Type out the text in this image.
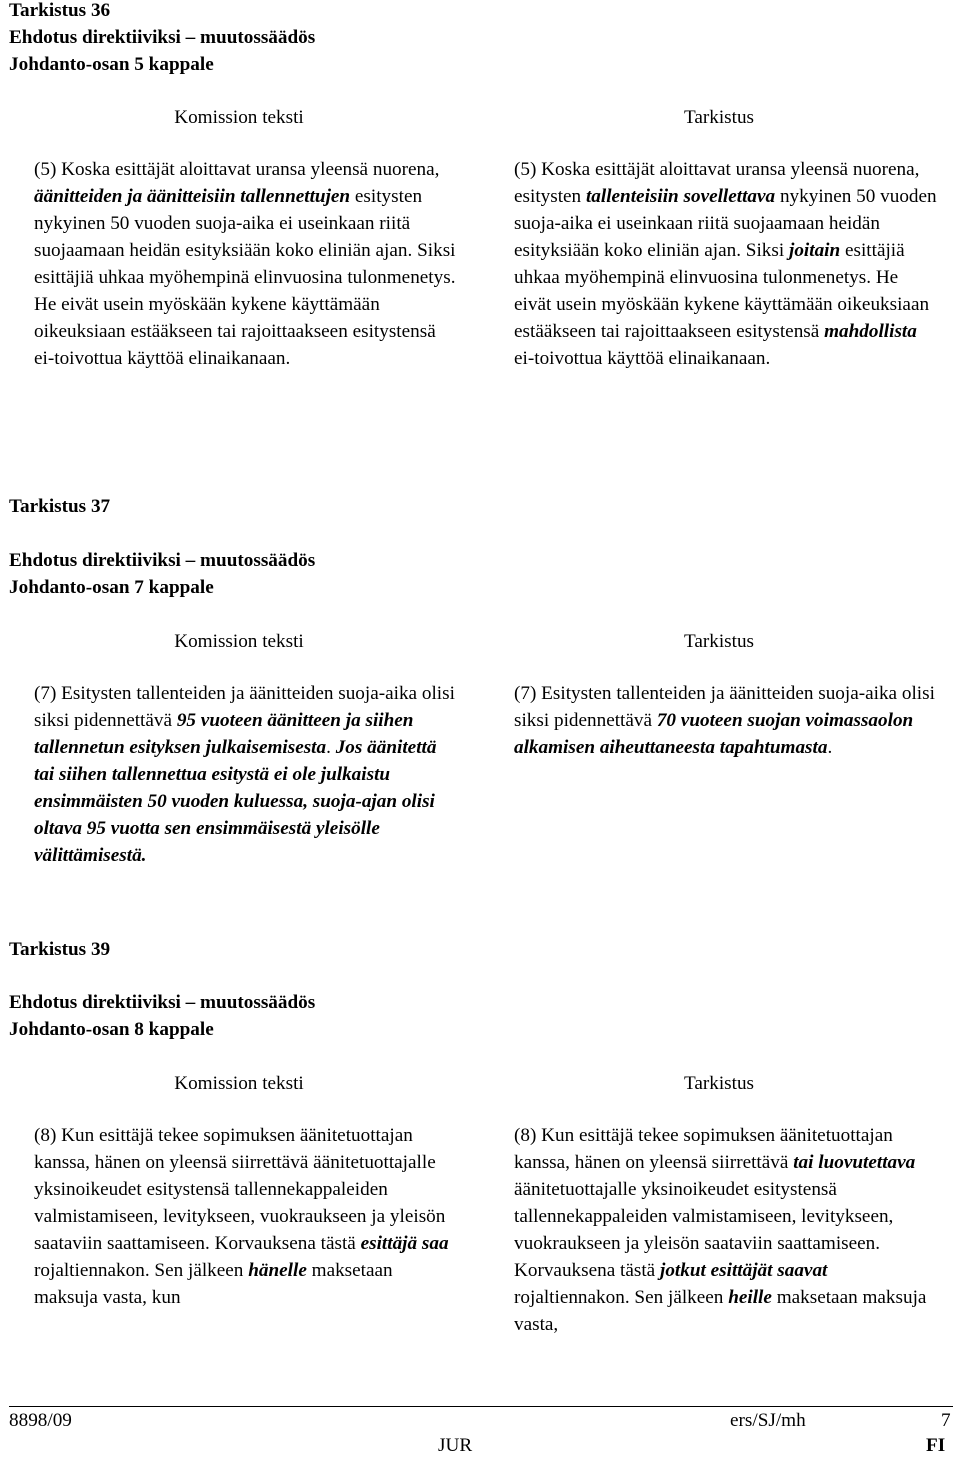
Tarkistus 36
Ehdotus direktiiviksi – muutossäädös
Johdanto-osan 5 kappale
Komission teksti	Tarkistus

(5) Koska esittäjät aloittavat uransa yleensä nuorena, äänitteiden ja äänitteisiin tallennettujen esitysten nykyinen 50 vuoden suoja-aika ei useinkaan riitä suojaamaan heidän esityksiään koko eliniän ajan. Siksi esittäjiä uhkaa myöhempinä elinvuosina tulonmenetys. He eivät usein myöskään kykene käyttämään oikeuksiaan estääkseen tai rajoittaakseen esitystensä ei-toivottua käyttöä elinaikanaan.

(5) Koska esittäjät aloittavat uransa yleensä nuorena, esitysten tallenteisiin sovellettava nykyinen 50 vuoden suoja-aika ei useinkaan riitä suojaamaan heidän esityksiään koko eliniän ajan. Siksi joitain esittäjiä uhkaa myöhempinä elinvuosina tulonmenetys. He eivät usein myöskään kykene käyttämään oikeuksiaan estääkseen tai rajoittaakseen esitystensä mahdollista ei-toivottua käyttöä elinaikanaan.

Tarkistus 37
Ehdotus direktiiviksi – muutossäädös
Johdanto-osan 7 kappale
Komission teksti	Tarkistus

(7) Esitysten tallenteiden ja äänitteiden suoja-aika olisi siksi pidennettävä 95 vuoteen äänitteen ja siihen tallennetun esityksen julkaisemisesta. Jos äänitettä tai siihen tallennettua esitystä ei ole julkaistu ensimmäisten 50 vuoden kuluessa, suoja-ajan olisi oltava 95 vuotta sen ensimmäisestä yleisölle välittämisestä.

(7) Esitysten tallenteiden ja äänitteiden suoja-aika olisi siksi pidennettävä 70 vuoteen suojan voimassaolon alkamisen aiheuttaneesta tapahtumasta.

Tarkistus 39
Ehdotus direktiiviksi – muutossäädös
Johdanto-osan 8 kappale
Komission teksti	Tarkistus

(8) Kun esittäjä tekee sopimuksen äänitetuottajan kanssa, hänen on yleensä siirrettävä äänitetuottajalle yksinoikeudet esitystensä tallennekappaleiden valmistamiseen, levitykseen, vuokraukseen ja yleisön saataviin saattamiseen. Korvauksena tästä esittäjä saa rojaltiennakon. Sen jälkeen hänelle maksetaan maksuja vasta, kun

(8) Kun esittäjä tekee sopimuksen äänitetuottajan kanssa, hänen on yleensä siirrettävä tai luovutettava äänitetuottajalle yksinoikeudet esitystensä tallennekappaleiden valmistamiseen, levitykseen, vuokraukseen ja yleisön saataviin saattamiseen. Korvauksena tästä jotkut esittäjät saavat rojaltiennakon. Sen jälkeen heille maksetaan maksuja vasta,

8898/09	ers/SJ/mh	7
JUR	FI
